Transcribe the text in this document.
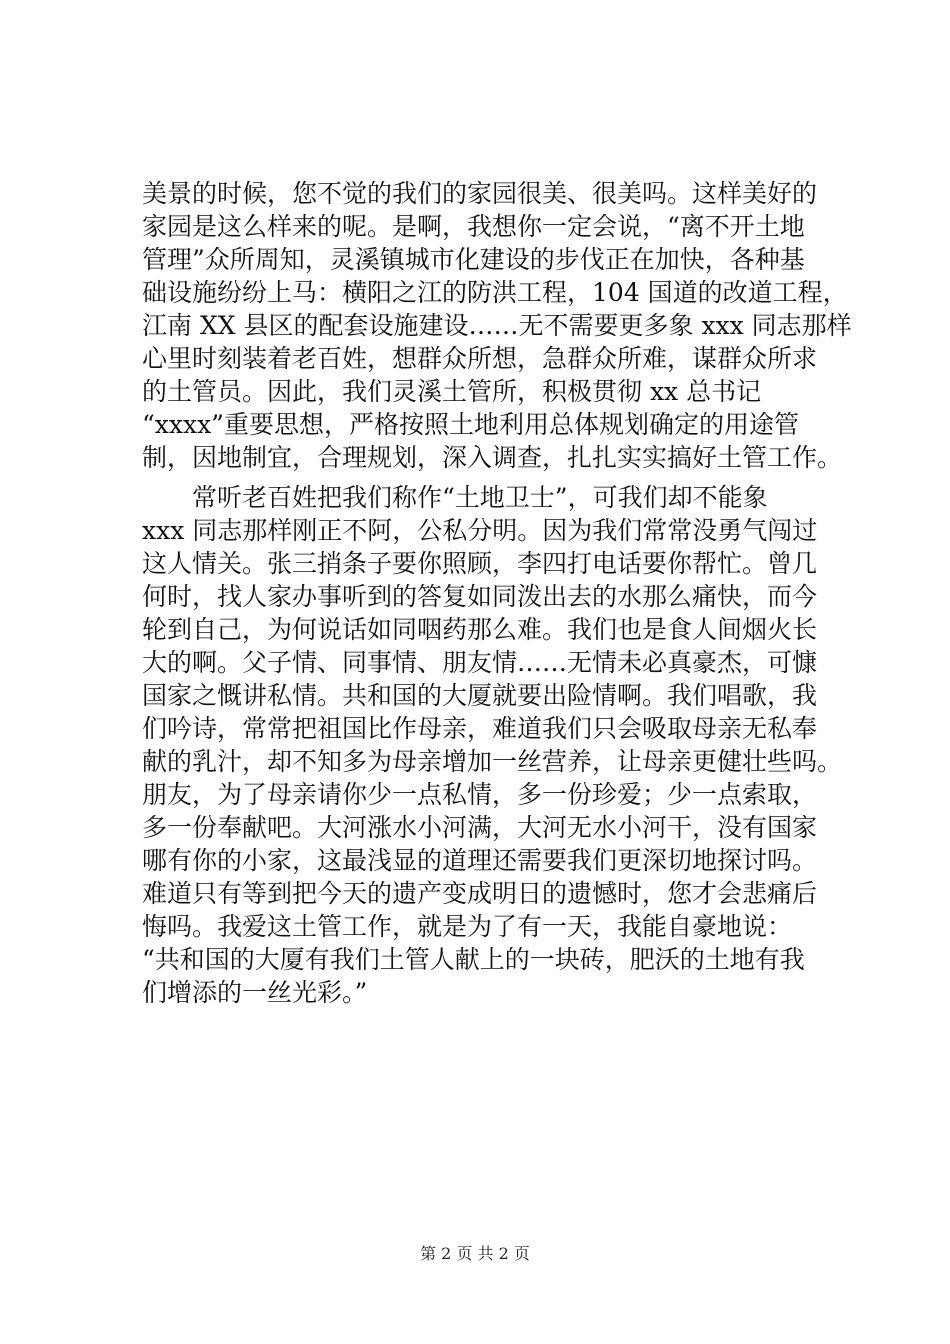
美景的时候，您不觉的我们的家园很美、很美吗。这样美好的
家园是这么样来的呢。是啊，我想你一定会说，“离不开土地
管理”众所周知，灵溪镇城市化建设的步伐正在加快，各种基
础设施纷纷上马：横阳之江的防洪工程，104 国道的改道工程，
江南 XX 县区的配套设施建设……无不需要更多象 xxx 同志那样
心里时刻装着老百姓，想群众所想，急群众所难，谋群众所求
的土管员。因此，我们灵溪土管所，积极贯彻 xx 总书记
“xxxx”重要思想，严格按照土地利用总体规划确定的用途管
制，因地制宜，合理规划，深入调查，扎扎实实搞好土管工作。
　　常听老百姓把我们称作“土地卫士”，可我们却不能象
xxx 同志那样刚正不阿，公私分明。因为我们常常没勇气闯过
这人情关。张三捎条子要你照顾，李四打电话要你帮忙。曾几
何时，找人家办事听到的答复如同泼出去的水那么痛快，而今
轮到自己，为何说话如同咽药那么难。我们也是食人间烟火长
大的啊。父子情、同事情、朋友情……无情未必真豪杰，可慷
国家之慨讲私情。共和国的大厦就要出险情啊。我们唱歌，我
们吟诗，常常把祖国比作母亲，难道我们只会吸取母亲无私奉
献的乳汁，却不知多为母亲增加一丝营养，让母亲更健壮些吗。
朋友，为了母亲请你少一点私情，多一份珍爱；少一点索取，
多一份奉献吧。大河涨水小河满，大河无水小河干，没有国家
哪有你的小家，这最浅显的道理还需要我们更深切地探讨吗。
难道只有等到把今天的遗产变成明日的遗憾时，您才会悲痛后
悔吗。我爱这土管工作，就是为了有一天，我能自豪地说：
“共和国的大厦有我们土管人献上的一块砖，肥沃的土地有我
们增添的一丝光彩。”
第 2 页 共 2 页
